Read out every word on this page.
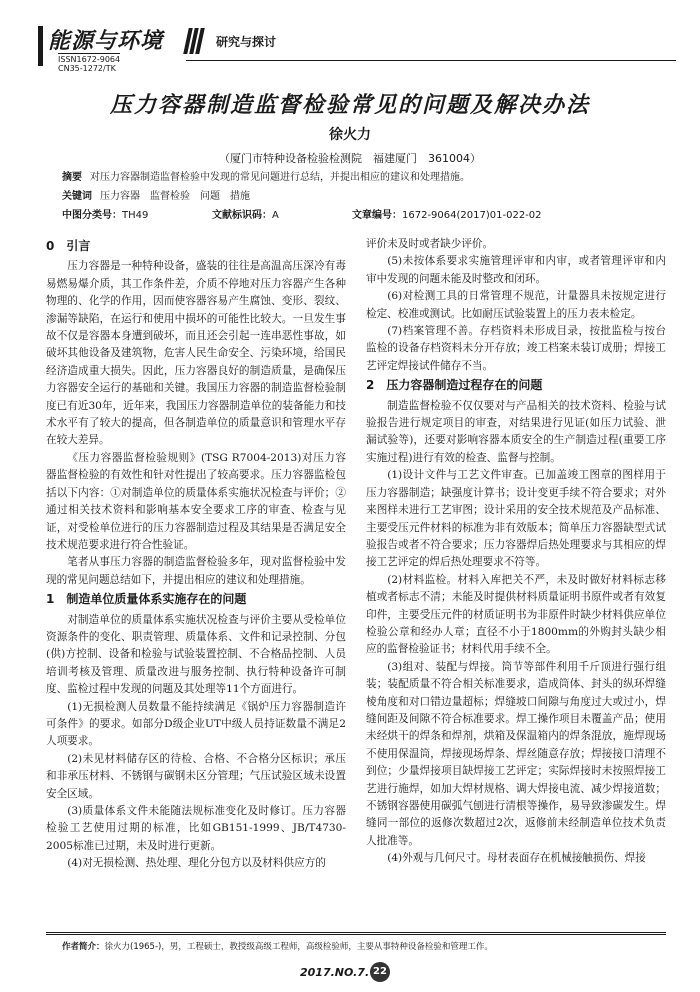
能源与环境
ISSN1672-9064
CN35-1272/TK
研究与探讨
压力容器制造监督检验常见的问题及解决办法
徐火力
（厦门市特种设备检验检测院　福建厦门　361004）
摘要 对压力容器制造监督检验中发现的常见问题进行总结，并提出相应的建议和处理措施。
关键词 压力容器　监督检验　问题　措施
中图分类号：TH49	文献标识码：A	文章编号：1672-9064(2017)01-022-02
0　引言

压力容器是一种特种设备，盛装的往往是高温高压深冷有毒易燃易爆介质，其工作条件差，介质不停地对压力容器产生各种物理的、化学的作用，因而使容器容易产生腐蚀、变形、裂纹、渗漏等缺陷，在运行和使用中损坏的可能性比较大。一旦发生事故不仅是容器本身遭到破坏，而且还会引起一连串恶性事故，如破坏其他设备及建筑物，危害人民生命安全、污染环境，给国民经济造成重大损失。因此，压力容器良好的制造质量，是确保压力容器安全运行的基础和关键。我国压力容器的制造监督检验制度已有近30年，近年来，我国压力容器制造单位的装备能力和技术水平有了较大的提高，但各制造单位的质量意识和管理水平存在较大差异。

《压力容器监督检验规则》(TSG R7004-2013)对压力容器监督检验的有效性和针对性提出了较高要求。压力容器监检包括以下内容：①对制造单位的质量体系实施状况检查与评价；②通过相关技术资料和影响基本安全要求工序的审查、检查与见证，对受检单位进行的压力容器制造过程及其结果是否满足安全技术规范要求进行符合性验证。

笔者从事压力容器的制造监督检验多年，现对监督检验中发现的常见问题总结如下，并提出相应的建议和处理措施。

1　制造单位质量体系实施存在的问题

对制造单位的质量体系实施状况检查与评价主要从受检单位资源条件的变化、职责管理、质量体系、文件和记录控制、分包(供)方控制、设备和检验与试验装置控制、不合格品控制、人员培训考核及管理、质量改进与服务控制、执行特种设备许可制度、监检过程中发现的问题及其处理等11个方面进行。

(1)无损检测人员数量不能持续满足《锅炉压力容器制造许可条件》的要求。如部分D级企业UT中级人员持证数量不满足2人项要求。

(2)未见材料储存区的待检、合格、不合格分区标识；承压和非承压材料、不锈钢与碳钢未区分管理；气压试验区域未设置安全区域。

(3)质量体系文件未能随法规标准变化及时修订。压力容器检验工艺使用过期的标准，比如GB151-1999、JB/T4730-2005标准已过期，未及时进行更新。

(4)对无损检测、热处理、理化分包方以及材料供应方的

评价未及时或者缺少评价。

(5)未按体系要求实施管理评审和内审，或者管理评审和内审中发现的问题未能及时整改和闭环。

(6)对检测工具的日常管理不规范，计量器具未按规定进行检定、校准或测试。比如耐压试验装置上的压力表未检定。

(7)档案管理不善。存档资料未形成目录，按批监检与按台监检的设备存档资料未分开存放；竣工档案未装订成册；焊接工艺评定焊接试件储存不当。

2　压力容器制造过程存在的问题

制造监督检验不仅仅要对与产品相关的技术资料、检验与试验报告进行规定项目的审查，对结果进行见证(如压力试验、泄漏试验等)，还要对影响容器本质安全的生产制造过程(重要工序实施过程)进行有效的检查、监督与控制。

(1)设计文件与工艺文件审查。已加盖竣工图章的图样用于压力容器制造；缺强度计算书；设计变更手续不符合要求；对外来图样未进行工艺审图；设计采用的安全技术规范及产品标准、主要受压元件材料的标准为非有效版本；简单压力容器缺型式试验报告或者不符合要求；压力容器焊后热处理要求与其相应的焊接工艺评定的焊后热处理要求不符等。

(2)材料监检。材料入库把关不严，未及时做好材料标志移植或者标志不清；未能及时提供材料质量证明书原件或者有效复印件，主要受压元件的材质证明书为非原件时缺少材料供应单位检验公章和经办人章；直径不小于1800mm的外购封头缺少相应的监督检验证书；材料代用手续不全。

(3)组对、装配与焊接。筒节等部件利用千斤顶进行强行组装；装配质量不符合相关标准要求，造成筒体、封头的纵环焊缝棱角度和对口错边量超标；焊缝坡口间隙与角度过大或过小，焊缝间距及间隙不符合标准要求。焊工操作项目未覆盖产品；使用未经烘干的焊条和焊剂，烘箱及保温箱内的焊条混放，施焊现场不使用保温筒，焊接现场焊条、焊丝随意存放；焊接接口清理不到位；少量焊接项目缺焊接工艺评定；实际焊接时未按照焊接工艺进行施焊，如加大焊材规格、调大焊接电流、减少焊接道数；不锈钢容器使用碳弧气刨进行清根等操作，易导致渗碳发生。焊缝同一部位的返修次数超过2次，返修前未经制造单位技术负责人批准等。

(4)外观与几何尺寸。母材表面存在机械接触损伤、焊接

作者简介：徐火力(1965-)，男，工程硕士，教授级高级工程师，高级检验师，主要从事特种设备检验和管理工作。
2017.NO.7. 22
